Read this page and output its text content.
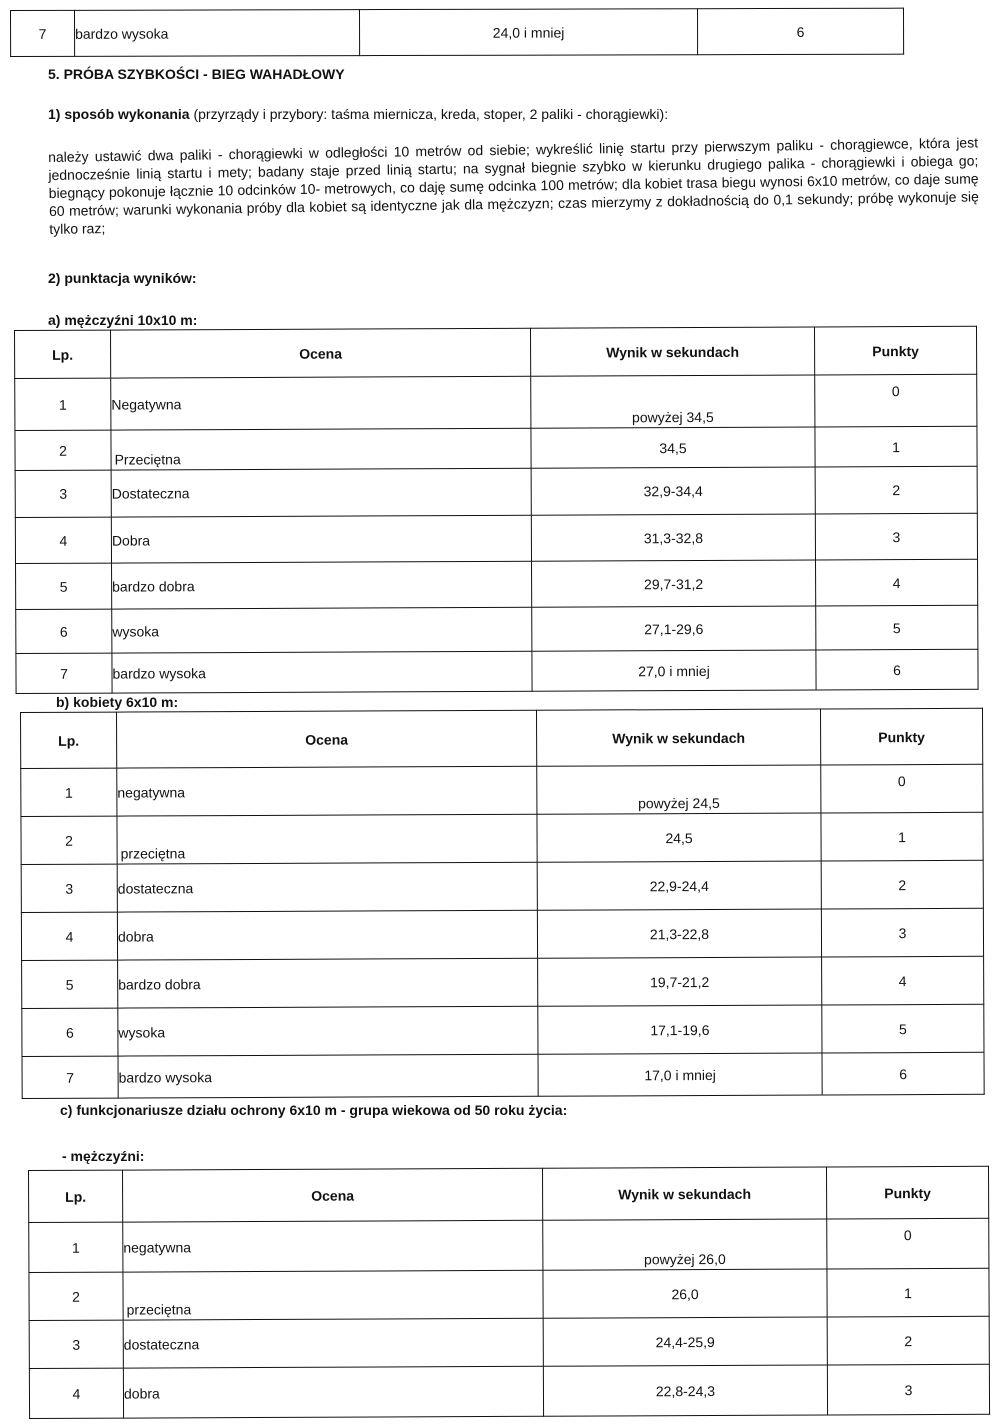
7	bardzo wysoka	24,0 i mniej	6
5. PRÓBA SZYBKOŚCI - BIEG WAHADŁOWY
1) sposób wykonania (przyrządy i przybory: taśma miernicza, kreda, stoper, 2 paliki - chorągiewki):
należy ustawić dwa paliki - chorągiewki w odległości 10 metrów od siebie; wykreślić linię startu przy pierwszym paliku - chorągiewce, która jest jednocześnie linią startu i mety; badany staje przed linią startu; na sygnał biegnie szybko w kierunku drugiego palika - chorągiewki i obiega go; biegnący pokonuje łącznie 10 odcinków 10- metrowych, co daję sumę odcinka 100 metrów; dla kobiet trasa biegu wynosi 6x10 metrów, co daje sumę 60 metrów; warunki wykonania próby dla kobiet są identyczne jak dla mężczyzn; czas mierzymy z dokładnością do 0,1 sekundy; próbę wykonuje się tylko raz;
2) punktacja wyników:
a) mężczyźni 10x10 m:
Lp.	Ocena	Wynik w sekundach	Punkty
1	Negatywna	powyżej 34,5	0

2	Przeciętna	34,5	1
3	Dostateczna	32,9-34,4	2
4	Dobra	31,3-32,8	3
5	bardzo dobra	29,7-31,2	4
6	wysoka	27,1-29,6	5
7	bardzo wysoka	27,0 i mniej	6
b) kobiety 6x10 m:
Lp.	Ocena	Wynik w sekundach	Punkty
1	negatywna	powyżej 24,5	0

2	przeciętna	24,5	1
3	dostateczna	22,9-24,4	2
4	dobra	21,3-22,8	3
5	bardzo dobra	19,7-21,2	4
6	wysoka	17,1-19,6	5
7	bardzo wysoka	17,0 i mniej	6
c) funkcjonariusze działu ochrony 6x10 m - grupa wiekowa od 50 roku życia:
- mężczyźni:
Lp.	Ocena	Wynik w sekundach	Punkty
1	negatywna	powyżej 26,0	0

2	przeciętna	26,0	1
3	dostateczna	24,4-25,9	2
4	dobra	22,8-24,3	3
